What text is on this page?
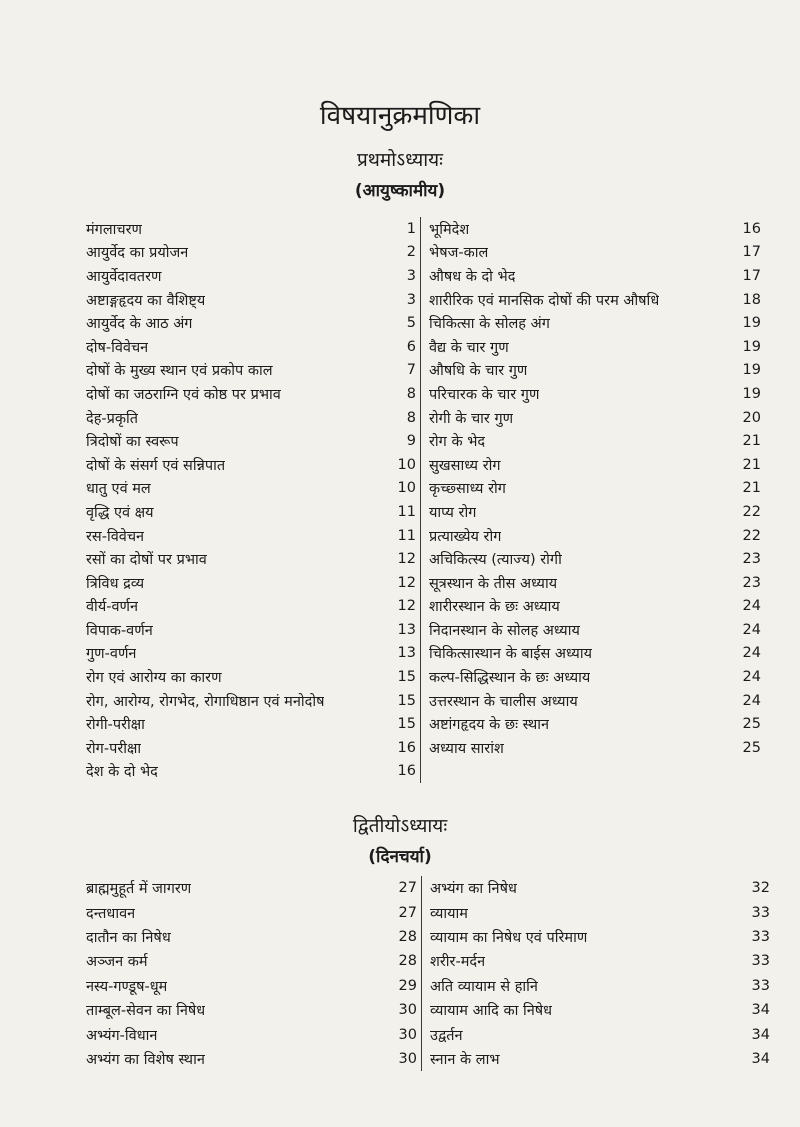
विषयानुक्रमणिका
प्रथमोऽध्यायः
(आयुष्कामीय)
मंगलाचरण	1
आयुर्वेद का प्रयोजन	2
आयुर्वेदावतरण	3
अष्टाङ्गहृदय का वैशिष्ट्य	3
आयुर्वेद के आठ अंग	5
दोष-विवेचन	6
दोषों के मुख्य स्थान एवं प्रकोप काल	7
दोषों का जठराग्नि एवं कोष्ठ पर प्रभाव	8
देह-प्रकृति	8
त्रिदोषों का स्वरूप	9
दोषों के संसर्ग एवं सन्निपात	10
धातु एवं मल	10
वृद्धि एवं क्षय	11
रस-विवेचन	11
रसों का दोषों पर प्रभाव	12
त्रिविध द्रव्य	12
वीर्य-वर्णन	12
विपाक-वर्णन	13
गुण-वर्णन	13
रोग एवं आरोग्य का कारण	15
रोग, आरोग्य, रोगभेद, रोगाधिष्ठान एवं मनोदोष	15
रोगी-परीक्षा	15
रोग-परीक्षा	16
देश के दो भेद	16
भूमिदेश	16
भेषज-काल	17
औषध के दो भेद	17
शारीरिक एवं मानसिक दोषों की परम औषधि	18
चिकित्सा के सोलह अंग	19
वैद्य के चार गुण	19
औषधि के चार गुण	19
परिचारक के चार गुण	19
रोगी के चार गुण	20
रोग के भेद	21
सुखसाध्य रोग	21
कृच्छ्साध्य रोग	21
याप्य रोग	22
प्रत्याख्येय रोग	22
अचिकित्स्य (त्याज्य) रोगी	23
सूत्रस्थान के तीस अध्याय	23
शारीरस्थान के छः अध्याय	24
निदानस्थान के सोलह अध्याय	24
चिकित्सास्थान के बाईस अध्याय	24
कल्प-सिद्धिस्थान के छः अध्याय	24
उत्तरस्थान के चालीस अध्याय	24
अष्टांगहृदय के छः स्थान	25
अध्याय सारांश	25
द्वितीयोऽध्यायः
(दिनचर्या)
ब्राह्ममुहूर्त में जागरण	27
दन्तधावन	27
दातौन का निषेध	28
अञ्जन कर्म	28
नस्य-गण्डूष-धूम	29
ताम्बूल-सेवन का निषेध	30
अभ्यंग-विधान	30
अभ्यंग का विशेष स्थान	30
अभ्यंग का निषेध	32
व्यायाम	33
व्यायाम का निषेध एवं परिमाण	33
शरीर-मर्दन	33
अति व्यायाम से हानि	33
व्यायाम आदि का निषेध	34
उद्वर्तन	34
स्नान के लाभ	34
